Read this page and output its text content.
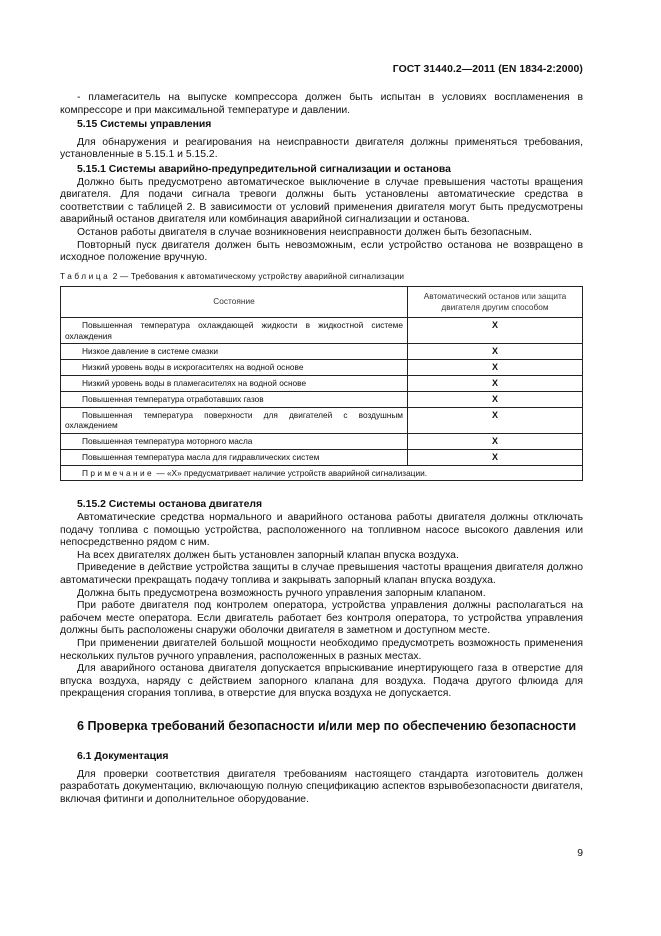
ГОСТ 31440.2—2011 (EN 1834-2:2000)

- пламегаситель на выпуске компрессора должен быть испытан в условиях воспламенения в компрессоре и при максимальной температуре и давлении.

5.15 Системы управления

Для обнаружения и реагирования на неисправности двигателя должны применяться требования, установленные в 5.15.1 и 5.15.2.

5.15.1 Системы аварийно-предупредительной сигнализации и останова

Должно быть предусмотрено автоматическое выключение в случае превышения частоты вращения двигателя. Для подачи сигнала тревоги должны быть установлены автоматические средства в соответствии с таблицей 2. В зависимости от условий применения двигателя могут быть предусмотрены аварийный останов двигателя или комбинация аварийной сигнализации и останова.

Останов работы двигателя в случае возникновения неисправности должен быть безопасным.

Повторный пуск двигателя должен быть невозможным, если устройство останова не возвращено в исходное положение вручную.

Таблица 2 — Требования к автоматическому устройству аварийной сигнализации
Состояние	Автоматический останов или защита двигателя другим способом
Повышенная температура охлаждающей жидкости в жидкостной системе охлаждения	X
Низкое давление в системе смазки	X
Низкий уровень воды в искрогасителях на водной основе	X
Низкий уровень воды в пламегасителях на водной основе	X
Повышенная температура отработавших газов	X
Повышенная температура поверхности для двигателей с воздушным охлаждением	X
Повышенная температура моторного масла	X
Повышенная температура масла для гидравлических систем	X
Примечание — «X» предусматривает наличие устройств аварийной сигнализации.	
5.15.2 Системы останова двигателя

Автоматические средства нормального и аварийного останова работы двигателя должны отключать подачу топлива с помощью устройства, расположенного на топливном насосе высокого давления или непосредственно рядом с ним.

На всех двигателях должен быть установлен запорный клапан впуска воздуха.

Приведение в действие устройства защиты в случае превышения частоты вращения двигателя должно автоматически прекращать подачу топлива и закрывать запорный клапан впуска воздуха.

Должна быть предусмотрена возможность ручного управления запорным клапаном.

При работе двигателя под контролем оператора, устройства управления должны располагаться на рабочем месте оператора. Если двигатель работает без контроля оператора, то устройства управления должны быть расположены снаружи оболочки двигателя в заметном и доступном месте.

При применении двигателей большой мощности необходимо предусмотреть возможность применения нескольких пультов ручного управления, расположенных в разных местах.

Для аварийного останова двигателя допускается впрыскивание инертирующего газа в отверстие для впуска воздуха, наряду с действием запорного клапана для воздуха. Подача другого флюида для прекращения сгорания топлива, в отверстие для впуска воздуха не допускается.

6 Проверка требований безопасности и/или мер по обеспечению безопасности
6.1 Документация

Для проверки соответствия двигателя требованиям настоящего стандарта изготовитель должен разработать документацию, включающую полную спецификацию аспектов взрывобезопасности двигателя, включая фитинги и дополнительное оборудование.

9
